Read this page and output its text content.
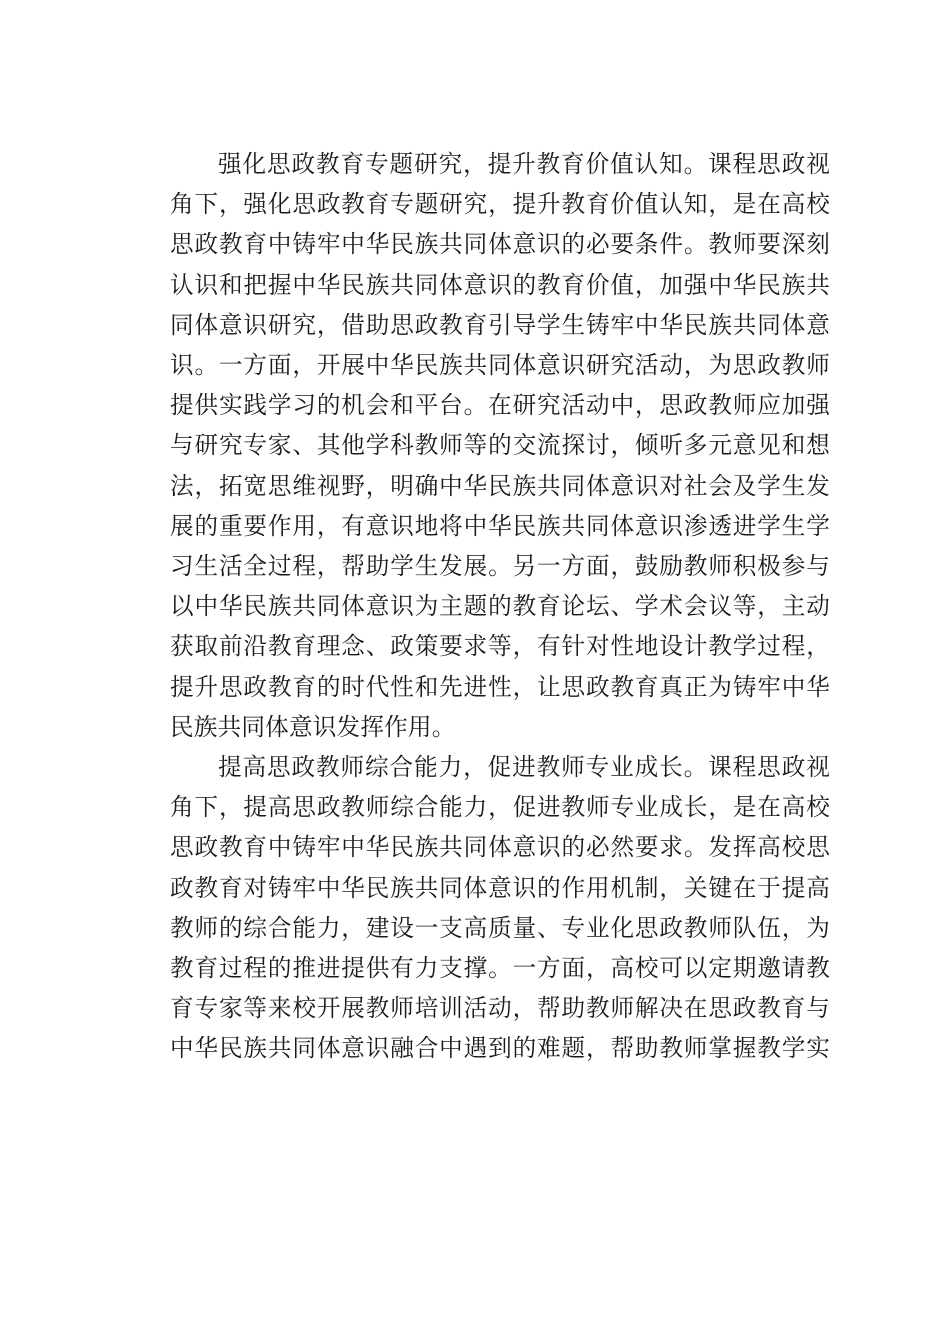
强化思政教育专题研究，提升教育价值认知。课程思政视
角下，强化思政教育专题研究，提升教育价值认知，是在高校
思政教育中铸牢中华民族共同体意识的必要条件。教师要深刻
认识和把握中华民族共同体意识的教育价值，加强中华民族共
同体意识研究，借助思政教育引导学生铸牢中华民族共同体意
识。一方面，开展中华民族共同体意识研究活动，为思政教师
提供实践学习的机会和平台。在研究活动中，思政教师应加强
与研究专家、其他学科教师等的交流探讨，倾听多元意见和想
法，拓宽思维视野，明确中华民族共同体意识对社会及学生发
展的重要作用，有意识地将中华民族共同体意识渗透进学生学
习生活全过程，帮助学生发展。另一方面，鼓励教师积极参与
以中华民族共同体意识为主题的教育论坛、学术会议等，主动
获取前沿教育理念、政策要求等，有针对性地设计教学过程，
提升思政教育的时代性和先进性，让思政教育真正为铸牢中华
民族共同体意识发挥作用。
提高思政教师综合能力，促进教师专业成长。课程思政视
角下，提高思政教师综合能力，促进教师专业成长，是在高校
思政教育中铸牢中华民族共同体意识的必然要求。发挥高校思
政教育对铸牢中华民族共同体意识的作用机制，关键在于提高
教师的综合能力，建设一支高质量、专业化思政教师队伍，为
教育过程的推进提供有力支撑。一方面，高校可以定期邀请教
育专家等来校开展教师培训活动，帮助教师解决在思政教育与
中华民族共同体意识融合中遇到的难题，帮助教师掌握教学实
